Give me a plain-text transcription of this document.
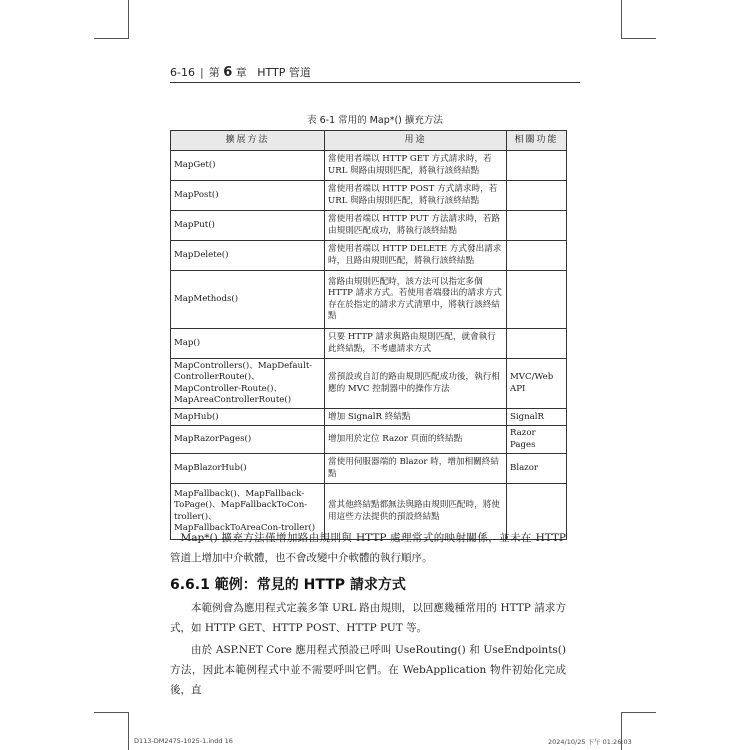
6-16 | 第 6 章 HTTP 管道
表 6-1 常用的 Map*() 擴充方法
擴展方法	用途	相關功能
MapGet()	當使用者端以 HTTP GET 方式請求時，若 URL 與路由規則匹配，將執行該終結點	
MapPost()	當使用者端以 HTTP POST 方式請求時，若 URL 與路由規則匹配，將執行該終結點	
MapPut()	當使用者端以 HTTP PUT 方法請求時，若路由規則匹配成功，將執行該終結點	
MapDelete()	當使用者端以 HTTP DELETE 方式發出請求時，且路由規則匹配，將執行該終結點	
MapMethods()	當路由規則匹配時，該方法可以指定多個 HTTP 請求方式。若使用者端發出的請求方式存在於指定的請求方式清單中，將執行該終結點	
Map()	只要 HTTP 請求與路由規則匹配，就會執行此終結點，不考慮請求方式	
MapControllers()、MapDefault-ControllerRoute()、MapController-Route()、MapAreaControllerRoute()	當預設或自訂的路由規則匹配成功後，執行相應的 MVC 控制器中的操作方法	MVC/Web API
MapHub()	增加 SignalR 終結點	SignalR
MapRazorPages()	增加用於定位 Razor 頁面的終結點	Razor Pages
MapBlazorHub()	當使用伺服器端的 Blazor 時，增加相關終結點	Blazor
MapFallback()、MapFallback-ToPage()、MapFallbackToCon-troller()、MapFallbackToAreaCon-troller()	當其他終結點都無法與路由規則匹配時，將使用這些方法提供的預設終結點	
Map*() 擴充方法僅增加路由規則與 HTTP 處理常式的映射關係，並未在 HTTP 管道上增加中介軟體，也不會改變中介軟體的執行順序。
6.6.1 範例：常見的 HTTP 請求方式
本範例會為應用程式定義多筆 URL 路由規則，以回應幾種常用的 HTTP 請求方式，如 HTTP GET、HTTP POST、HTTP PUT 等。
由於 ASP.NET Core 應用程式預設已呼叫 UseRouting() 和 UseEndpoints() 方法，因此本範例程式中並不需要呼叫它們。在 WebApplication 物件初始化完成後，直
D113-DM2475-1025-1.indd 16	2024/10/25 下午 01:26:03
